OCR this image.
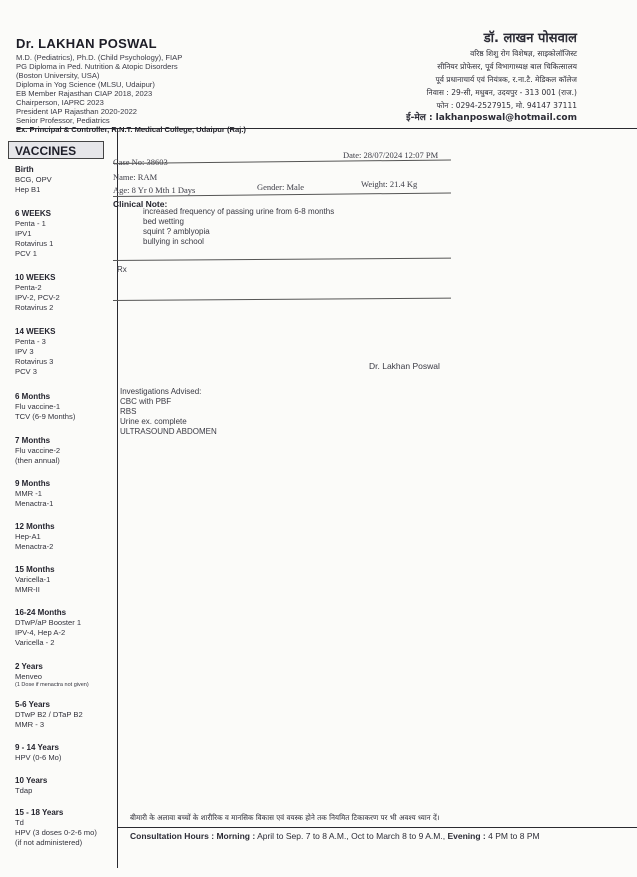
Dr. LAKHAN POSWAL
M.D. (Pediatrics), Ph.D. (Child Psychology), FIAP
PG Diploma in Ped. Nutrition & Atopic Disorders
(Boston University, USA)
Diploma in Yog Science (MLSU, Udaipur)
EB Member Rajasthan CIAP 2018, 2023
Chairperson, IAPRC 2023
President IAP Rajasthan 2020-2022
Senior Professor, Pediatrics
Ex. Principal & Controller, R.N.T. Medical College, Udaipur (Raj.)
डॉ. लाखन पोसवाल
वरिष्ठ शिशु रोग विशेषज्ञ, साइकोलॉजिस्ट
सीनियर प्रोफेसर, पूर्व विभागाध्यक्ष बाल चिकित्सालय
पूर्व प्रधानाचार्य एवं नियंत्रक, र.ना.टै. मेडिकल कॉलेज
निवास : 29-सी, मधुबन, उदयपुर - 313 001 (राज.)
फोन : 0294-2527915, मो. 94147 37111
ई-मेल : lakhanposwal@hotmail.com
VACCINES
Birth
BCG, OPV
Hep B1
6 WEEKS
Penta - 1
IPV1
Rotavirus 1
PCV 1
10 WEEKS
Penta-2
IPV-2, PCV-2
Rotavirus 2
14 WEEKS
Penta - 3
IPV 3
Rotavirus 3
PCV 3
6 Months
Flu vaccine-1
TCV (6-9 Months)
7 Months
Flu vaccine-2
(then annual)
9 Months
MMR -1
Menactra-1
12 Months
Hep-A1
Menactra-2
15 Months
Varicella-1
MMR-II
16-24 Months
DTwP/aP Booster 1
IPV-4, Hep A-2
Varicella - 2
2 Years
Menveo
(1 Dose if menactra not given)
5-6 Years
DTwP B2 / DTaP B2
MMR - 3
9 - 14 Years
HPV (0-6 Mo)
10 Years
Tdap
15 - 18 Years
Td
HPV (3 doses 0-2-6 mo)
(if not administered)
Case No: 38603
Date: 28/07/2024 12:07 PM
Name: RAM
Age: 8 Yr 0 Mth 1 Days	Gender: Male	Weight: 21.4 Kg
Clinical Note:
increased frequency of passing urine from 6-8 months
bed wetting
squint ? amblyopia
bullying in school
Rx
Dr. Lakhan Poswal
Investigations Advised:
CBC with PBF
RBS
Urine ex. complete
ULTRASOUND ABDOMEN
बीमारी के अलावा बच्चों के शारीरिक व मानसिक विकास एवं वयस्क होने तक नियमित टिकाकरण पर भी अवश्य ध्यान दें।
Consultation Hours : Morning : April to Sep. 7 to 8 A.M., Oct to March 8 to 9 A.M., Evening : 4 PM to 8 PM
